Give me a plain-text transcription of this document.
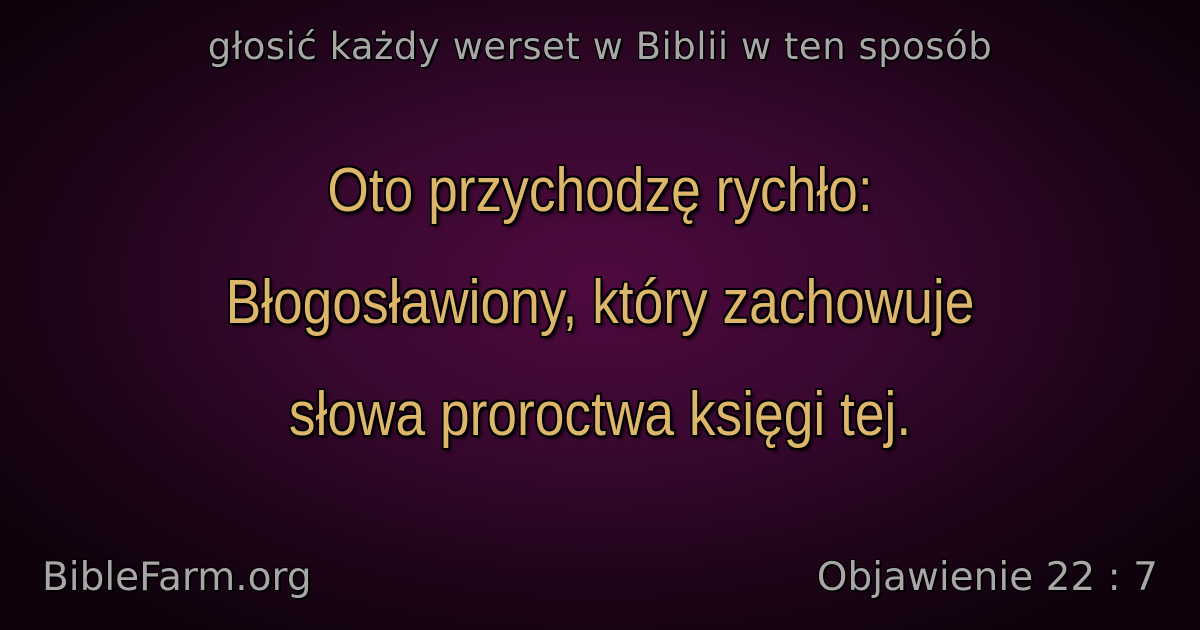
głosić każdy werset w Biblii w ten sposób
Oto przychodzę rychło:
Błogosławiony, który zachowuje
słowa proroctwa księgi tej.
BibleFarm.org	Objawienie 22 : 7
